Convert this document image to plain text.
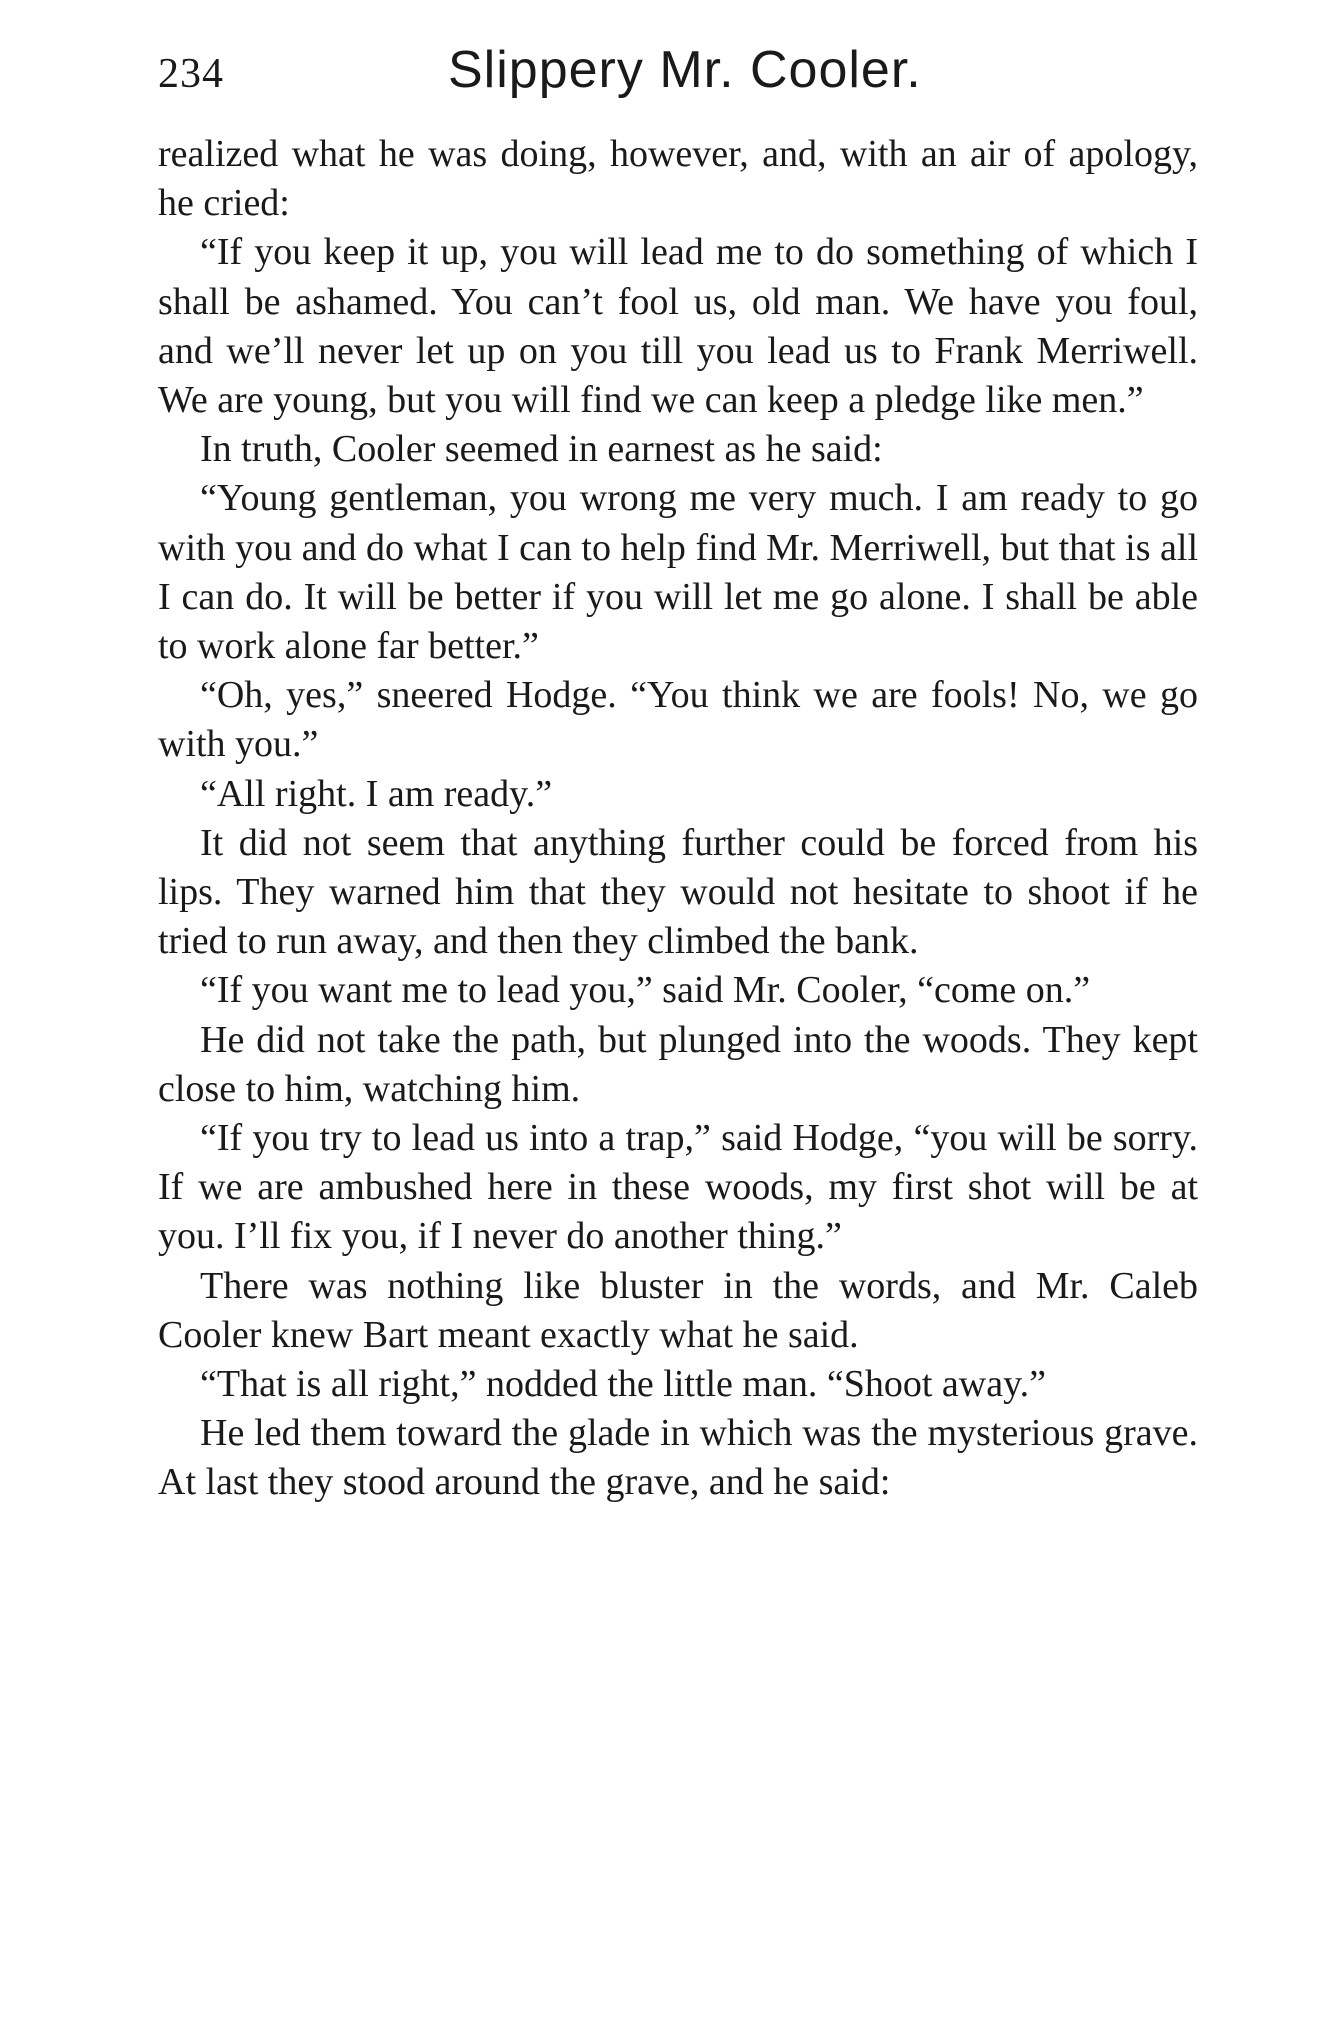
234	Slippery Mr. Cooler.

realized what he was doing, however, and, with an air of apology, he cried:

“If you keep it up, you will lead me to do something of which I shall be ashamed. You can’t fool us, old man. We have you foul, and we’ll never let up on you till you lead us to Frank Merriwell. We are young, but you will find we can keep a pledge like men.”

In truth, Cooler seemed in earnest as he said:

“Young gentleman, you wrong me very much. I am ready to go with you and do what I can to help find Mr. Merriwell, but that is all I can do. It will be better if you will let me go alone. I shall be able to work alone far better.”

“Oh, yes,” sneered Hodge. “You think we are fools! No, we go with you.”

“All right. I am ready.”

It did not seem that anything further could be forced from his lips. They warned him that they would not hesitate to shoot if he tried to run away, and then they climbed the bank.

“If you want me to lead you,” said Mr. Cooler, “come on.”

He did not take the path, but plunged into the woods. They kept close to him, watching him.

“If you try to lead us into a trap,” said Hodge, “you will be sorry. If we are ambushed here in these woods, my first shot will be at you. I’ll fix you, if I never do another thing.”

There was nothing like bluster in the words, and Mr. Caleb Cooler knew Bart meant exactly what he said.

“That is all right,” nodded the little man. “Shoot away.”

He led them toward the glade in which was the mysterious grave. At last they stood around the grave, and he said:
